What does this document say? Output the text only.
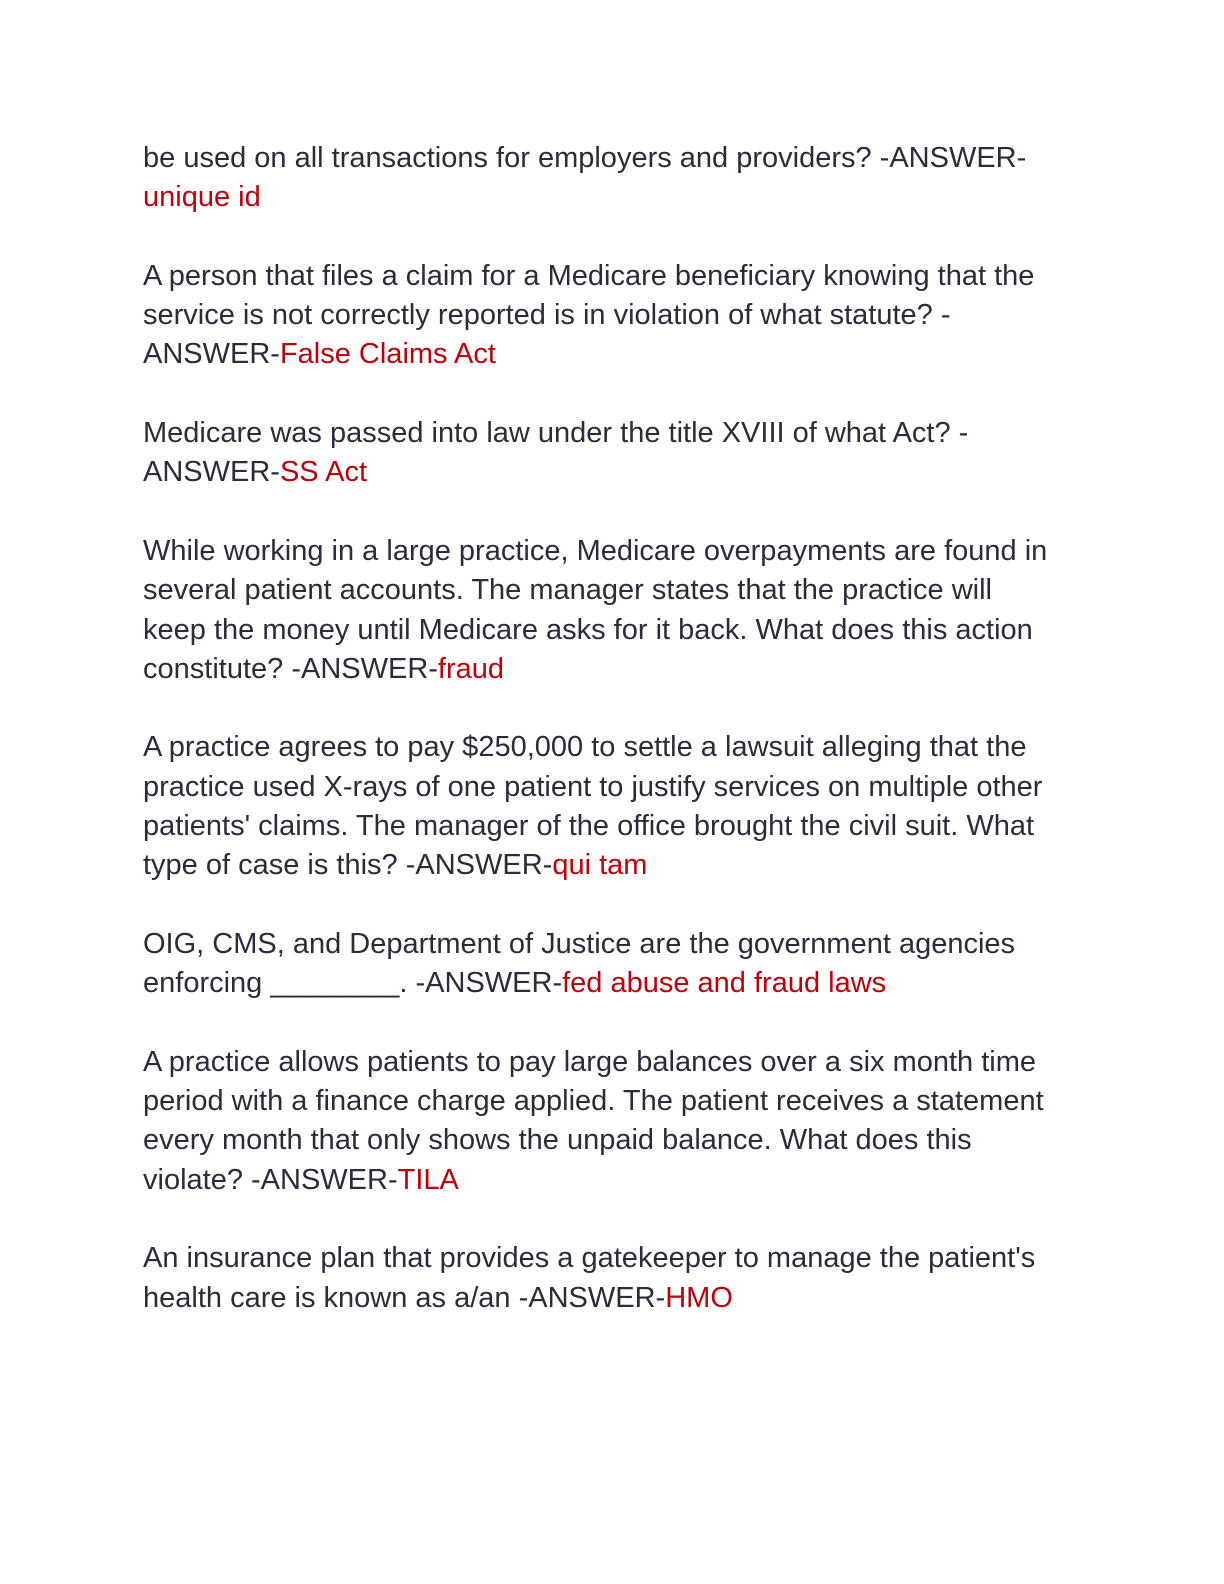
be used on all transactions for employers and providers? -ANSWER-
unique id

A person that files a claim for a Medicare beneficiary knowing that the
service is not correctly reported is in violation of what statute? -
ANSWER-False Claims Act

Medicare was passed into law under the title XVIII of what Act? -
ANSWER-SS Act

While working in a large practice, Medicare overpayments are found in
several patient accounts. The manager states that the practice will
keep the money until Medicare asks for it back. What does this action
constitute? -ANSWER-fraud

A practice agrees to pay $250,000 to settle a lawsuit alleging that the
practice used X-rays of one patient to justify services on multiple other
patients' claims. The manager of the office brought the civil suit. What
type of case is this? -ANSWER-qui tam

OIG, CMS, and Department of Justice are the government agencies
enforcing ________. -ANSWER-fed abuse and fraud laws

A practice allows patients to pay large balances over a six month time
period with a finance charge applied. The patient receives a statement
every month that only shows the unpaid balance. What does this
violate? -ANSWER-TILA

An insurance plan that provides a gatekeeper to manage the patient's
health care is known as a/an -ANSWER-HMO
